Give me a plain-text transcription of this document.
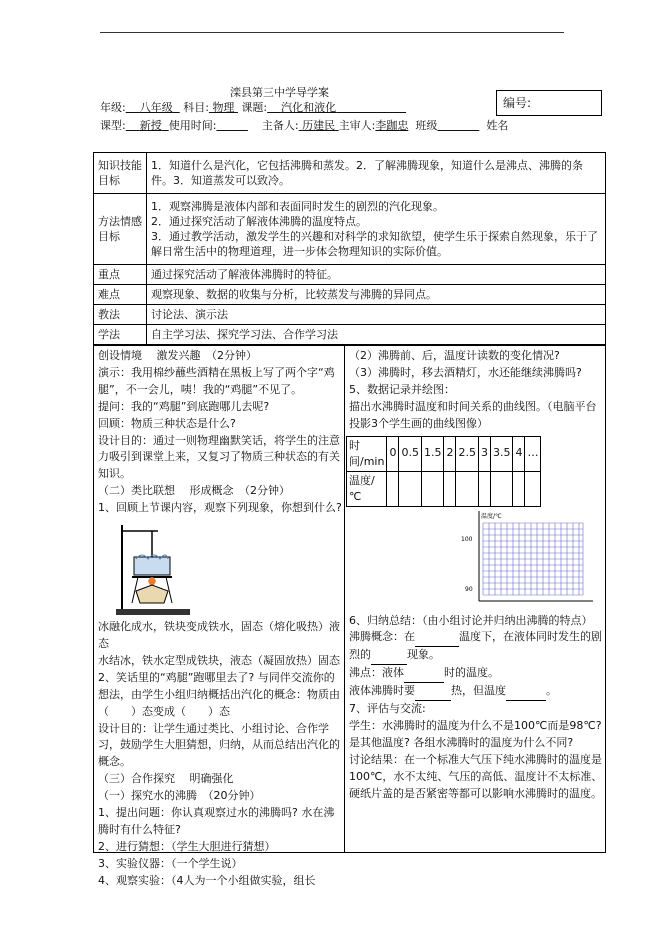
滦县第三中学导学案
年级: 八年级 科目: 物理 课题: 汽化和液化	编号:
课型: 新授 使用时间:	主备人: 历建民 主审人:李跏忠 班级	姓名
知识技能目标	1．知道什么是汽化，它包括沸腾和蒸发。2．了解沸腾现象，知道什么是沸点、沸腾的条件。3．知道蒸发可以致冷。
方法情感目标	1．观察沸腾是液体内部和表面同时发生的剧烈的汽化现象。
2．通过探究活动了解液体沸腾的温度特点。
3．通过教学活动，激发学生的兴趣和对科学的求知欲望，使学生乐于探索自然现象，乐于了解日常生活中的物理道理，进一步体会物理知识的实际价值。

重点	通过探究活动了解液体沸腾时的特征。
难点	观察现象、数据的收集与分析，比较蒸发与沸腾的异同点。
教法	讨论法、演示法
学法	自主学习法、探究学习法、合作学习法

创设情境　 激发兴趣　（2分钟）

演示：我用棉纱蘸些酒精在黑板上写了两个字“鸡腿”，不一会儿，咦！我的“鸡腿”不见了。

提问：我的“鸡腿”到底跑哪儿去呢?

回顾：物质三种状态是什么?

设计目的：通过一则物理幽默笑话，将学生的注意力吸引到课堂上来，又复习了物质三种状态的有关知识。

（二）类比联想　 形成概念　（2分钟）

1、回顾上节课内容，观察下列现象，你想到什么?

冰融化成水，铁块变成铁水，固态（熔化吸热）液态

水结冰，铁水定型成铁块，液态（凝固放热）固态

2、笑话里的“鸡腿”跑哪里去了? 与同伴交流你的想法，由学生小组归纳概括出汽化的概念：物质由（　　）态变成（　　）态

设计目的：让学生通过类比、小组讨论、合作学习，鼓励学生大胆猜想，归纳，从而总结出汽化的概念。

（三）合作探究　 明确强化

（一）探究水的沸腾　（20分钟）

1、提出问题：你认真观察过水的沸腾吗? 水在沸腾时有什么特征?

2、进行猜想：（学生大胆进行猜想）

3、实验仪器：（一个学生说）

4、观察实验：（4人为一个小组做实验，组长

（2）沸腾前、后，温度计读数的变化情况?

（3）沸腾时，移去酒精灯，水还能继续沸腾吗?

5、数据记录并绘图：

描出水沸腾时温度和时间关系的曲线图。（电脑平台投影3个学生画的曲线图像）

时间/min	0	0.5	1.5	2	2.5	3	3.5	4	…
温度/℃									
温度/℃
100
90

6、归纳总结：（由小组讨论并归纳出沸腾的特点）

沸腾概念：在	温度下，在液体同时发生的剧烈的	现象。

沸点：液体	时的温度。

液体沸腾时要	热，但温度	。

7、评估与交流:

学生：水沸腾时的温度为什么不是100℃而是98℃? 是其他温度? 各组水沸腾时的温度为什么不同?

讨论结果：在一个标准大气压下纯水沸腾时的温度是100℃，水不太纯、气压的高低、温度计不太标准、硬纸片盖的是否紧密等都可以影响水沸腾时的温度。
